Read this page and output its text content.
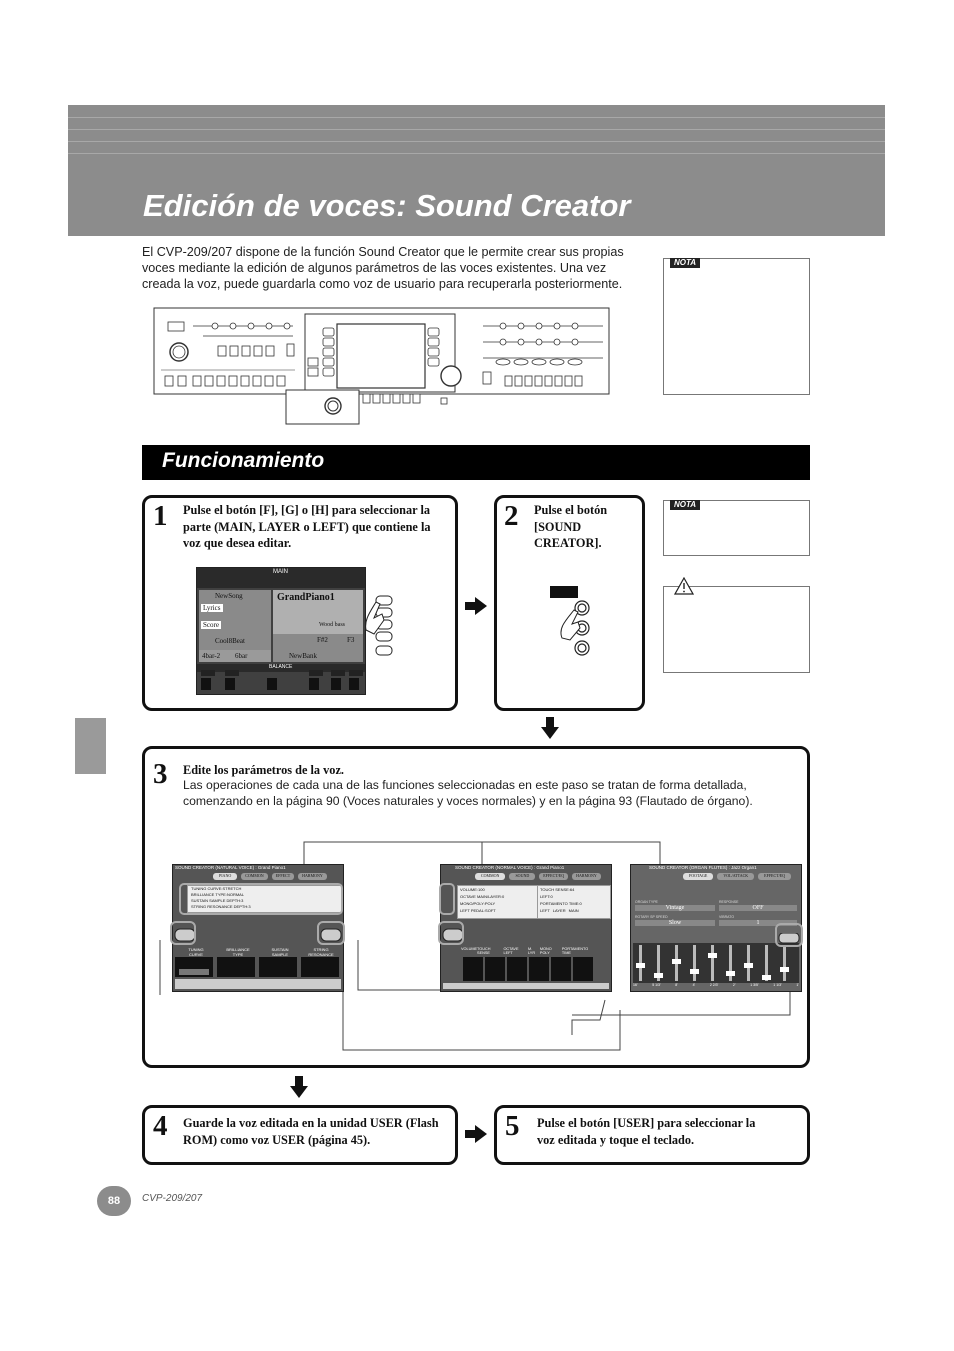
Edición de voces: Sound Creator
El CVP-209/207 dispone de la función Sound Creator que le permite crear sus propias voces mediante la edición de algunos parámetros de las voces existentes. Una vez creada la voz, puede guardarla como voz de usuario para recuperarla posteriormente.
NOTA
Funcionamiento
1 Pulse el botón [F], [G] o [H] para seleccionar la parte (MAIN, LAYER o LEFT) que contiene la voz que desea editar.
MAIN
NewSong
Lyrics
Score
GrandPiano1
Wood bass
Cool8Beat
4bar-2 6bar
F#2	F3
NewBank
BALANCE
2 Pulse el botón [SOUND CREATOR].
NOTA
3 Edite los parámetros de la voz.
Las operaciones de cada una de las funciones seleccionadas en este paso se tratan de forma detallada, comenzando en la página 90 (Voces naturales y voces normales) y en la página 93 (Flautado de órgano).
SOUND CREATOR (NATURAL VOICE) : Grand Piano1
PIANO	COMMON	EFFECT	HARMONY
TUNING CURVE:STRETCH
BRILLIANCE TYPE:NORMAL
SUSTAIN SAMPLE DEPTH:3
STRING RESONANCE DEPTH:3
TUNING CURVE
BRILLIANCE TYPE
SUSTAIN SAMPLE
STRING RESONANCE
SOUND CREATOR (NORMAL VOICE) : Grand Piano1
COMMON	SOUND	EFFECT/EQ	HARMONY
VOLUME:100
OCTAVE MAIN/LAYER:0
MONO/POLY:POLY
LEFT PEDAL:SOFT
TOUCH SENSE:64
LEFT:0
PORTAMENTO TIME:0
LEFT LAYER MAIN
VOLUME TOUCH SENSE
OCTAVE LEFT
M. LYR
MONO POLY
PORTAMENTO TIME
SOUND CREATOR (ORGAN FLUTES) : Jazz Organ1
FOOTAGE	VOL/ATTACK	EFFECT/EQ
ORGAN TYPE
Vintage
ROTARY SP SPEED
Slow
RESPONSE
OFF
VIBRATO
1
16'	5 1/3'	8'	4'	2 2/3'	2'	1 3/5'	1 1/3'	1'
4 Guarde la voz editada en la unidad USER (Flash ROM) como voz USER (página 45).	5 Pulse el botón [USER] para seleccionar la voz editada y toque el teclado.
88	CVP-209/207
